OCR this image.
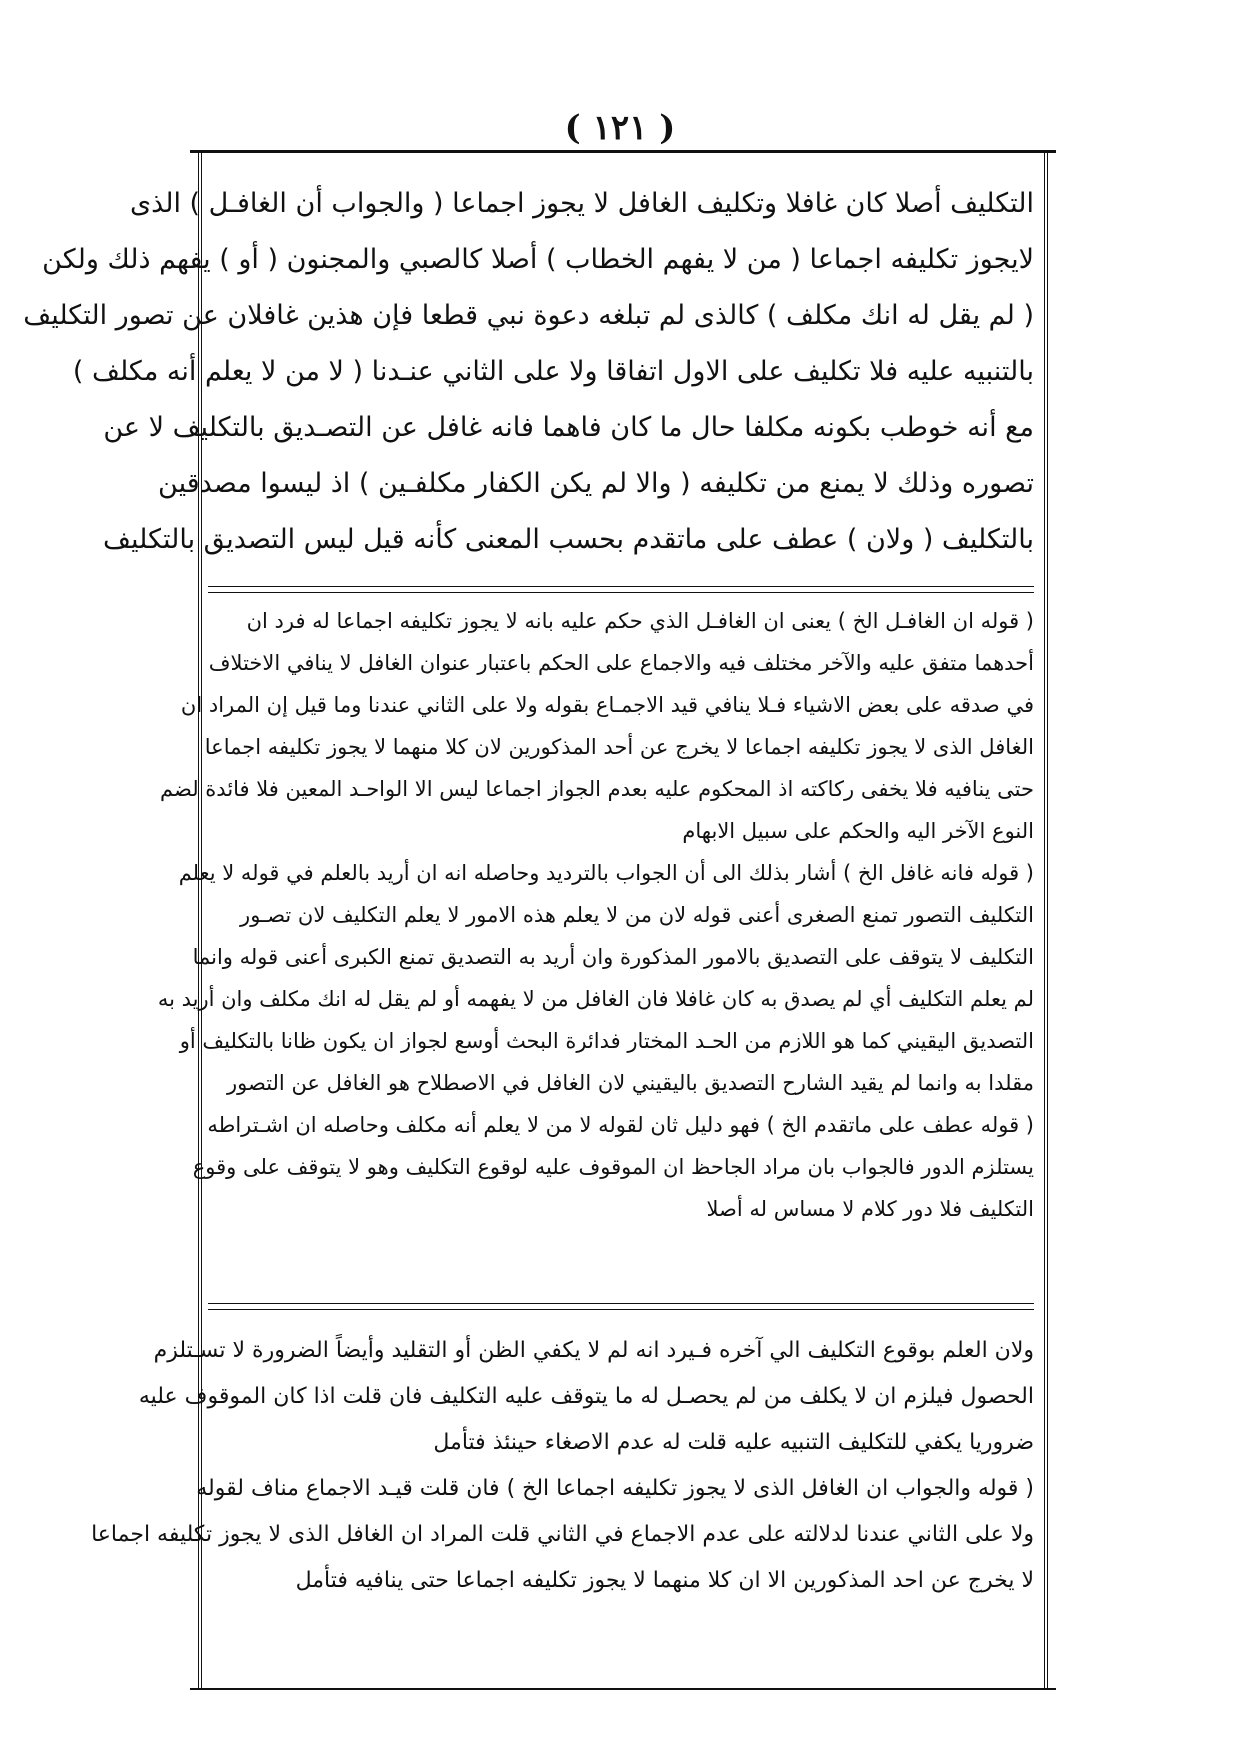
( ١٢١ )
التكليف أصلا كان غافلا وتكليف الغافل لا يجوز اجماعا ( والجواب أن الغافـل ) الذى
لايجوز تكليفه اجماعا ( من لا يفهم الخطاب ) أصلا كالصبي والمجنون ( أو ) يفهم ذلك ولكن
( لم يقل له انك مكلف ) كالذى لم تبلغه دعوة نبي قطعا فإن هذين غافلان عن تصور التكليف
بالتنبيه عليه فلا تكليف على الاول اتفاقا ولا على الثاني عنـدنا ( لا من لا يعلم أنه مكلف )
مع أنه خوطب بكونه مكلفا حال ما كان فاهما فانه غافل عن التصـديق بالتكليف لا عن
تصوره وذلك لا يمنع من تكليفه ( والا لم يكن الكفار مكلفـين ) اذ ليسوا مصدقين
بالتكليف ( ولان ) عطف على ماتقدم بحسب المعنى كأنه قيل ليس التصديق بالتكليف
( قوله ان الغافـل الخ ) يعنى ان الغافـل الذي حكم عليه بانه لا يجوز تكليفه اجماعا له فرد ان
أحدهما متفق عليه والآخر مختلف فيه والاجماع على الحكم باعتبار عنوان الغافل لا ينافي الاختلاف
في صدقه على بعض الاشياء فـلا ينافي قيد الاجمـاع بقوله ولا على الثاني عندنا وما قيل إن المراد ان
الغافل الذى لا يجوز تكليفه اجماعا لا يخرج عن أحد المذكورين لان كلا منهما لا يجوز تكليفه اجماعا
حتى ينافيه فلا يخفى ركاكته اذ المحكوم عليه بعدم الجواز اجماعا ليس الا الواحـد المعين فلا فائدة لضم
النوع الآخر اليه والحكم على سبيل الابهام
( قوله فانه غافل الخ ) أشار بذلك الى أن الجواب بالترديد وحاصله انه ان أريد بالعلم في قوله لا يعلم
التكليف التصور تمنع الصغرى أعنى قوله لان من لا يعلم هذه الامور لا يعلم التكليف لان تصـور
التكليف لا يتوقف على التصديق بالامور المذكورة وان أريد به التصديق تمنع الكبرى أعنى قوله وانما
لم يعلم التكليف أي لم يصدق به كان غافلا فان الغافل من لا يفهمه أو لم يقل له انك مكلف وان أريد به
التصديق اليقيني كما هو اللازم من الحـد المختار فدائرة البحث أوسع لجواز ان يكون ظانا بالتكليف أو
مقلدا به وانما لم يقيد الشارح التصديق باليقيني لان الغافل في الاصطلاح هو الغافل عن التصور
( قوله عطف على ماتقدم الخ ) فهو دليل ثان لقوله لا من لا يعلم أنه مكلف وحاصله ان اشـتراطه
يستلزم الدور فالجواب بان مراد الجاحظ ان الموقوف عليه لوقوع التكليف وهو لا يتوقف على وقوع
التكليف فلا دور كلام لا مساس له أصلا
ولان العلم بوقوع التكليف الي آخره فـيرد انه لم لا يكفي الظن أو التقليد وأيضاً الضرورة لا تسـتلزم
الحصول فيلزم ان لا يكلف من لم يحصـل له ما يتوقف عليه التكليف فان قلت اذا كان الموقوف عليه
ضروريا يكفي للتكليف التنبيه عليه قلت له عدم الاصغاء حينئذ فتأمل
( قوله والجواب ان الغافل الذى لا يجوز تكليفه اجماعا الخ ) فان قلت قيـد الاجماع مناف لقوله
ولا على الثاني عندنا لدلالته على عدم الاجماع في الثاني قلت المراد ان الغافل الذى لا يجوز تكليفه اجماعا
لا يخرج عن احد المذكورين الا ان كلا منهما لا يجوز تكليفه اجماعا حتى ينافيه فتأمل
